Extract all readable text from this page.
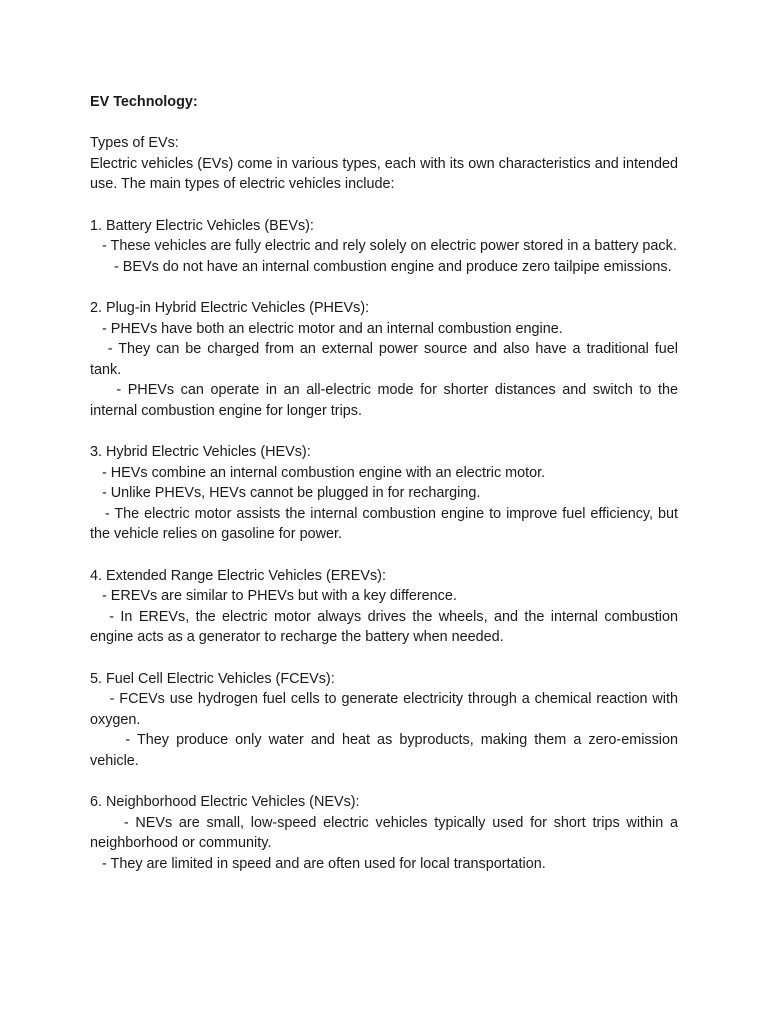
EV Technology:

Types of EVs:

Electric vehicles (EVs) come in various types, each with its own characteristics and intended use. The main types of electric vehicles include:

1. Battery Electric Vehicles (BEVs):

- These vehicles are fully electric and rely solely on electric power stored in a battery pack.

- BEVs do not have an internal combustion engine and produce zero tailpipe emissions.

2. Plug-in Hybrid Electric Vehicles (PHEVs):

- PHEVs have both an electric motor and an internal combustion engine.

- They can be charged from an external power source and also have a traditional fuel tank.

- PHEVs can operate in an all-electric mode for shorter distances and switch to the internal combustion engine for longer trips.

3. Hybrid Electric Vehicles (HEVs):

- HEVs combine an internal combustion engine with an electric motor.

- Unlike PHEVs, HEVs cannot be plugged in for recharging.

- The electric motor assists the internal combustion engine to improve fuel efficiency, but the vehicle relies on gasoline for power.

4. Extended Range Electric Vehicles (EREVs):

- EREVs are similar to PHEVs but with a key difference.

- In EREVs, the electric motor always drives the wheels, and the internal combustion engine acts as a generator to recharge the battery when needed.

5. Fuel Cell Electric Vehicles (FCEVs):

- FCEVs use hydrogen fuel cells to generate electricity through a chemical reaction with oxygen.

- They produce only water and heat as byproducts, making them a zero-emission vehicle.

6. Neighborhood Electric Vehicles (NEVs):

- NEVs are small, low-speed electric vehicles typically used for short trips within a neighborhood or community.

- They are limited in speed and are often used for local transportation.
